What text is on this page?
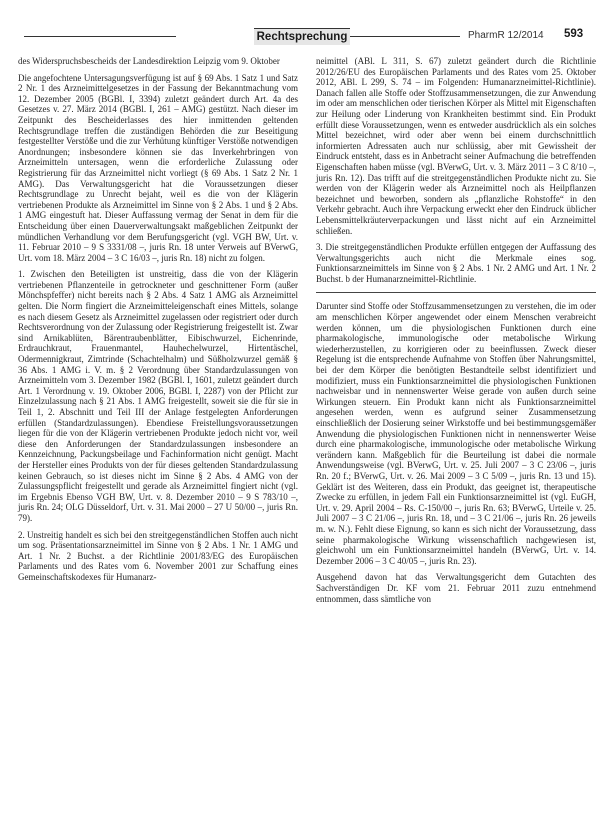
Rechtsprechung	PharmR 12/2014 593

des Widerspruchsbescheids der Landesdirektion Leipzig vom 9. Oktober

Die angefochtene Untersagungsverfügung ist auf § 69 Abs. 1 Satz 1 und Satz 2 Nr. 1 des Arzneimittelgesetzes in der Fassung der Bekanntmachung vom 12. Dezember 2005 (BGBl. I, 3394) zuletzt geändert durch Art. 4a des Gesetzes v. 27. März 2014 (BGBl. I, 261 – AMG) gestützt. Nach dieser im Zeitpunkt des Bescheiderlasses des hier inmittenden geltenden Rechtsgrundlage treffen die zuständigen Behörden die zur Beseitigung festgestellter Verstöße und die zur Verhütung künftiger Verstöße notwendigen Anordnungen; insbesondere können sie das Inverkehrbringen von Arzneimitteln untersagen, wenn die erforderliche Zulassung oder Registrierung für das Arzneimittel nicht vorliegt (§ 69 Abs. 1 Satz 2 Nr. 1 AMG). Das Verwaltungsgericht hat die Voraussetzungen dieser Rechtsgrundlage zu Unrecht bejaht, weil es die von der Klägerin vertriebenen Produkte als Arzneimittel im Sinne von § 2 Abs. 1 und § 2 Abs. 1 AMG eingestuft hat. Dieser Auffassung vermag der Senat in dem für die Entscheidung über einen Dauerverwaltungsakt maßgeblichen Zeitpunkt der mündlichen Verhandlung vor dem Berufungsgericht (vgl. VGH BW, Urt. v. 11. Februar 2010 – 9 S 3331/08 –, juris Rn. 18 unter Verweis auf BVerwG, Urt. vom 18. März 2004 – 3 C 16/03 –, juris Rn. 18) nicht zu folgen.

1. Zwischen den Beteiligten ist unstreitig, dass die von der Klägerin vertriebenen Pflanzenteile in getrockneter und geschnittener Form (außer Mönchspfeffer) nicht bereits nach § 2 Abs. 4 Satz 1 AMG als Arzneimittel gelten. Die Norm fingiert die Arzneimitteleigenschaft eines Mittels, solange es nach diesem Gesetz als Arzneimittel zugelassen oder registriert oder durch Rechtsverordnung von der Zulassung oder Registrierung freigestellt ist. Zwar sind Arnikablüten, Bärentraubenblätter, Eibischwurzel, Eichenrinde, Erdrauchkraut, Frauenmantel, Hauhechelwurzel, Hirtentäschel, Odermennigkraut, Zimtrinde (Schachtelhalm) und Süßholzwurzel gemäß § 36 Abs. 1 AMG i. V. m. § 2 Verordnung über Standardzulassungen von Arzneimitteln vom 3. Dezember 1982 (BGBl. I, 1601, zuletzt geändert durch Art. 1 Verordnung v. 19. Oktober 2006, BGBl. I, 2287) von der Pflicht zur Einzelzulassung nach § 21 Abs. 1 AMG freigestellt, soweit sie die für sie in Teil 1, 2. Abschnitt und Teil III der Anlage festgelegten Anforderungen erfüllen (Standardzulassungen). Ebendiese Freistellungsvoraussetzungen liegen für die von der Klägerin vertriebenen Produkte jedoch nicht vor, weil diese den Anforderungen der Standardzulassungen insbesondere an Kennzeichnung, Packungsbeilage und Fachinformation nicht genügt. Macht der Hersteller eines Produkts von der für dieses geltenden Standardzulassung keinen Gebrauch, so ist dieses nicht im Sinne § 2 Abs. 4 AMG von der Zulassungspflicht freigestellt und gerade als Arzneimittel fingiert nicht (vgl. im Ergebnis Ebenso VGH BW, Urt. v. 8. Dezember 2010 – 9 S 783/10 –, juris Rn. 24; OLG Düsseldorf, Urt. v. 31. Mai 2000 – 27 U 50/00 –, juris Rn. 79).

2. Unstreitig handelt es sich bei den streitgegenständlichen Stoffen auch nicht um sog. Präsentationsarzneimittel im Sinne von § 2 Abs. 1 Nr. 1 AMG und Art. 1 Nr. 2 Buchst. a der Richtlinie 2001/83/EG des Europäischen Parlaments und des Rates vom 6. November 2001 zur Schaffung eines Gemeinschaftskodexes für Humanarz-

neimittel (ABl. L 311, S. 67) zuletzt geändert durch die Richtlinie 2012/26/EU des Europäischen Parlaments und des Rates vom 25. Oktober 2012, ABl. L 299, S. 74 – im Folgenden: Humanarzneimittel-Richtlinie). Danach fallen alle Stoffe oder Stoffzusammensetzungen, die zur Anwendung im oder am menschlichen oder tierischen Körper als Mittel mit Eigenschaften zur Heilung oder Linderung von Krankheiten bestimmt sind. Ein Produkt erfüllt diese Voraussetzungen, wenn es entweder ausdrücklich als ein solches Mittel bezeichnet, wird oder aber wenn bei einem durchschnittlich informierten Adressaten auch nur schlüssig, aber mit Gewissheit der Eindruck entsteht, dass es in Anbetracht seiner Aufmachung die betreffenden Eigenschaften haben müsse (vgl. BVerwG, Urt. v. 3. März 2011 – 3 C 8/10 –, juris Rn. 12). Das trifft auf die streitgegenständlichen Produkte nicht zu. Sie werden von der Klägerin weder als Arzneimittel noch als Heilpflanzen bezeichnet und beworben, sondern als „pflanzliche Rohstoffe“ in den Verkehr gebracht. Auch ihre Verpackung erweckt eher den Eindruck üblicher Lebensmittelkräuterverpackungen und lässt nicht auf ein Arzneimittel schließen.

3. Die streitgegenständlichen Produkte erfüllen entgegen der Auffassung des Verwaltungsgerichts auch nicht die Merkmale eines sog. Funktionsarzneimittels im Sinne von § 2 Abs. 1 Nr. 2 AMG und Art. 1 Nr. 2 Buchst. b der Humanarzneimittel-Richtlinie.

Darunter sind Stoffe oder Stoffzusammensetzungen zu verstehen, die im oder am menschlichen Körper angewendet oder einem Menschen verabreicht werden können, um die physiologischen Funktionen durch eine pharmakologische, immunologische oder metabolische Wirkung wiederherzustellen, zu korrigieren oder zu beeinflussen. Zweck dieser Regelung ist die entsprechende Aufnahme von Stoffen über Nahrungsmittel, bei der dem Körper die benötigten Bestandteile selbst identifiziert und modifiziert, muss ein Funktionsarzneimittel die physiologischen Funktionen nachweisbar und in nennenswerter Weise gerade von außen durch seine Wirkungen steuern. Ein Produkt kann nicht als Funktionsarzneimittel angesehen werden, wenn es aufgrund seiner Zusammensetzung einschließlich der Dosierung seiner Wirkstoffe und bei bestimmungsgemäßer Anwendung die physiologischen Funktionen nicht in nennenswerter Weise durch eine pharmakologische, immunologische oder metabolische Wirkung verändern kann. Maßgeblich für die Beurteilung ist dabei die normale Anwendungsweise (vgl. BVerwG, Urt. v. 25. Juli 2007 – 3 C 23/06 –, juris Rn. 20 f.; BVerwG, Urt. v. 26. Mai 2009 – 3 C 5/09 –, juris Rn. 13 und 15). Geklärt ist des Weiteren, dass ein Produkt, das geeignet ist, therapeutische Zwecke zu erfüllen, in jedem Fall ein Funktionsarzneimittel ist (vgl. EuGH, Urt. v. 29. April 2004 – Rs. C-150/00 –, juris Rn. 63; BVerwG, Urteile v. 25. Juli 2007 – 3 C 21/06 –, juris Rn. 18, und – 3 C 21/06 –, juris Rn. 26 jeweils m. w. N.). Fehlt diese Eignung, so kann es sich nicht der Voraussetzung, dass seine pharmakologische Wirkung wissenschaftlich nachgewiesen ist, gleichwohl um ein Funktionsarzneimittel handeln (BVerwG, Urt. v. 14. Dezember 2006 – 3 C 40/05 –, juris Rn. 23).

Ausgehend davon hat das Verwaltungsgericht dem Gutachten des Sachverständigen Dr. KF vom 21. Februar 2011 zuzu entnehmend entnommen, dass sämtliche von
